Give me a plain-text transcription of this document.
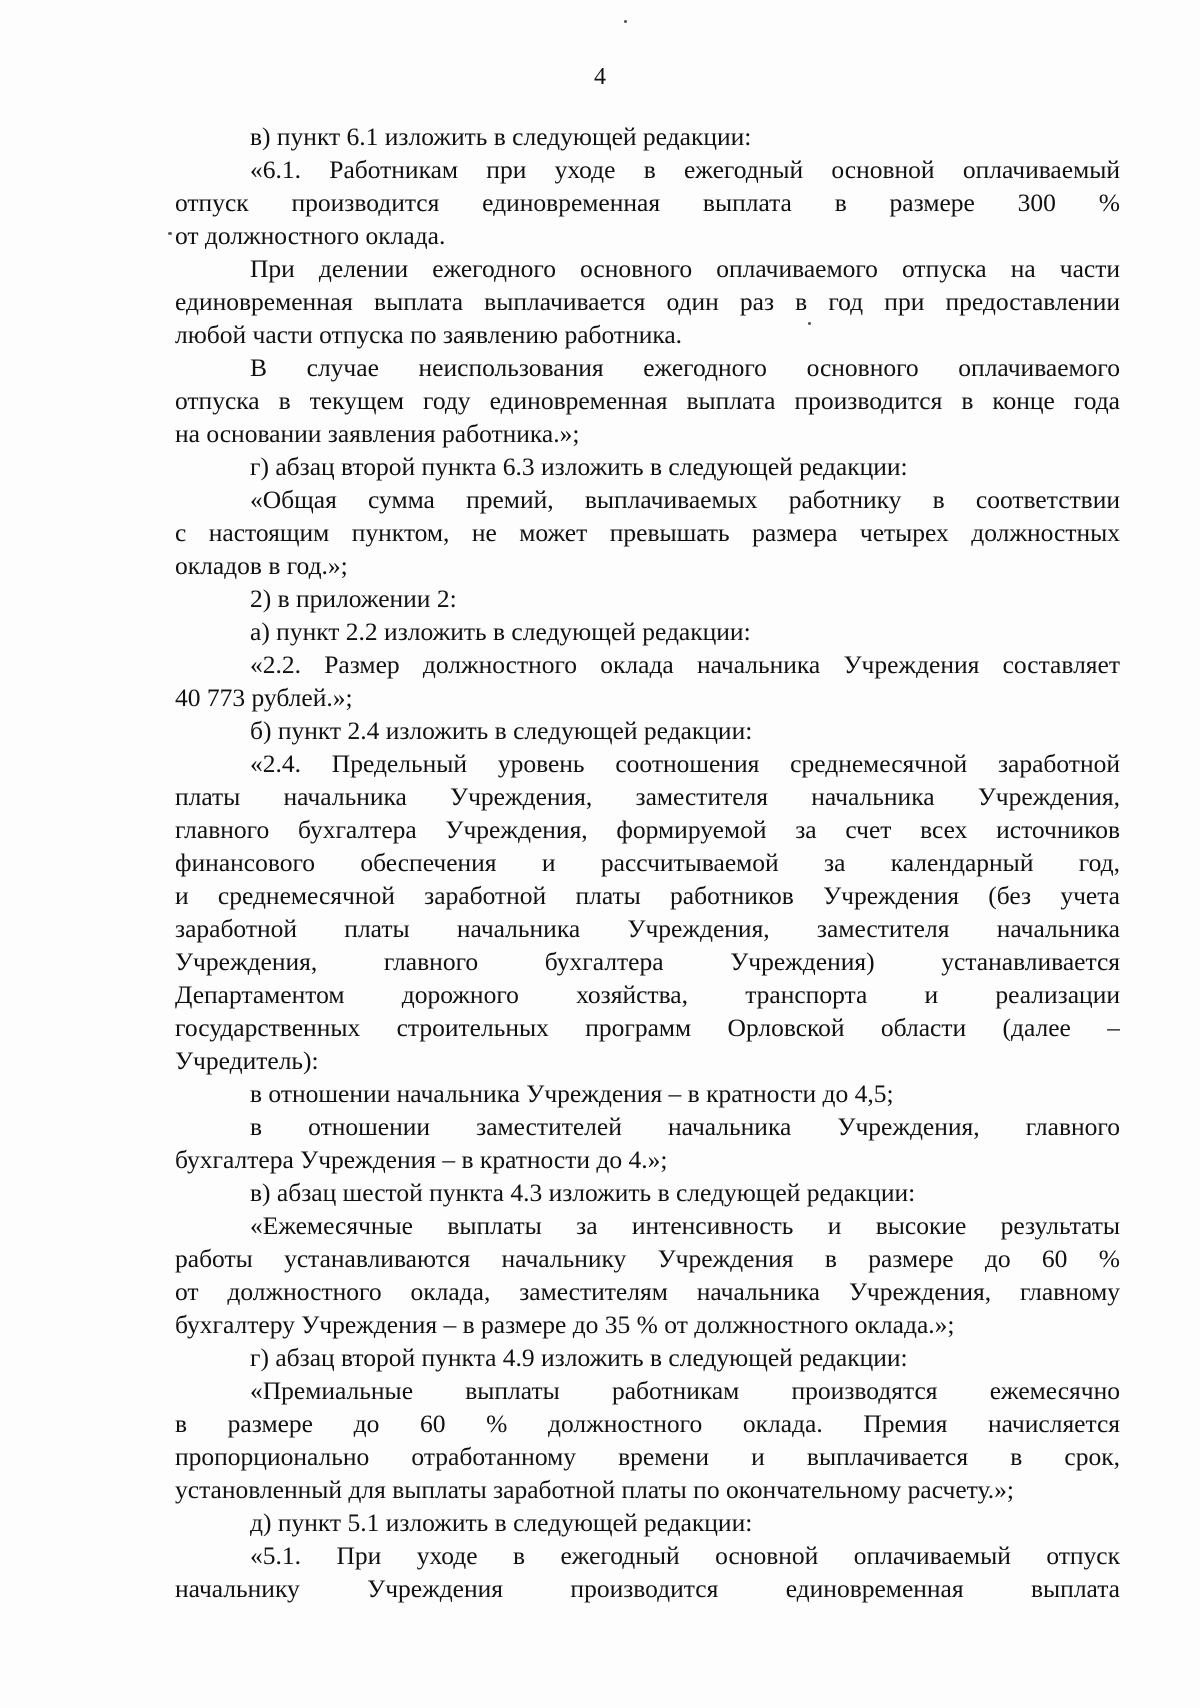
4
в) пункт 6.1 изложить в следующей редакции:
«6.1. Работникам при уходе в ежегодный основной оплачиваемый
отпуск производится единовременная выплата в размере 300 %
от должностного оклада.
При делении ежегодного основного оплачиваемого отпуска на части
единовременная выплата выплачивается один раз в год при предоставлении
любой части отпуска по заявлению работника.
В случае неиспользования ежегодного основного оплачиваемого
отпуска в текущем году единовременная выплата производится в конце года
на основании заявления работника.»;
г) абзац второй пункта 6.3 изложить в следующей редакции:
«Общая сумма премий, выплачиваемых работнику в соответствии
с настоящим пунктом, не может превышать размера четырех должностных
окладов в год.»;
2) в приложении 2:
а) пункт 2.2 изложить в следующей редакции:
«2.2. Размер должностного оклада начальника Учреждения составляет
40 773 рублей.»;
б) пункт 2.4 изложить в следующей редакции:
«2.4. Предельный уровень соотношения среднемесячной заработной
платы начальника Учреждения, заместителя начальника Учреждения,
главного бухгалтера Учреждения, формируемой за счет всех источников
финансового обеспечения и рассчитываемой за календарный год,
и среднемесячной заработной платы работников Учреждения (без учета
заработной платы начальника Учреждения, заместителя начальника
Учреждения, главного бухгалтера Учреждения) устанавливается
Департаментом дорожного хозяйства, транспорта и реализации
государственных строительных программ Орловской области (далее –
Учредитель):
в отношении начальника Учреждения – в кратности до 4,5;
в отношении заместителей начальника Учреждения, главного
бухгалтера Учреждения – в кратности до 4.»;
в) абзац шестой пункта 4.3 изложить в следующей редакции:
«Ежемесячные выплаты за интенсивность и высокие результаты
работы устанавливаются начальнику Учреждения в размере до 60 %
от должностного оклада, заместителям начальника Учреждения, главному
бухгалтеру Учреждения – в размере до 35 % от должностного оклада.»;
г) абзац второй пункта 4.9 изложить в следующей редакции:
«Премиальные выплаты работникам производятся ежемесячно
в размере до 60 % должностного оклада. Премия начисляется
пропорционально отработанному времени и выплачивается в срок,
установленный для выплаты заработной платы по окончательному расчету.»;
д) пункт 5.1 изложить в следующей редакции:
«5.1. При уходе в ежегодный основной оплачиваемый отпуск
начальнику Учреждения производится единовременная выплата
